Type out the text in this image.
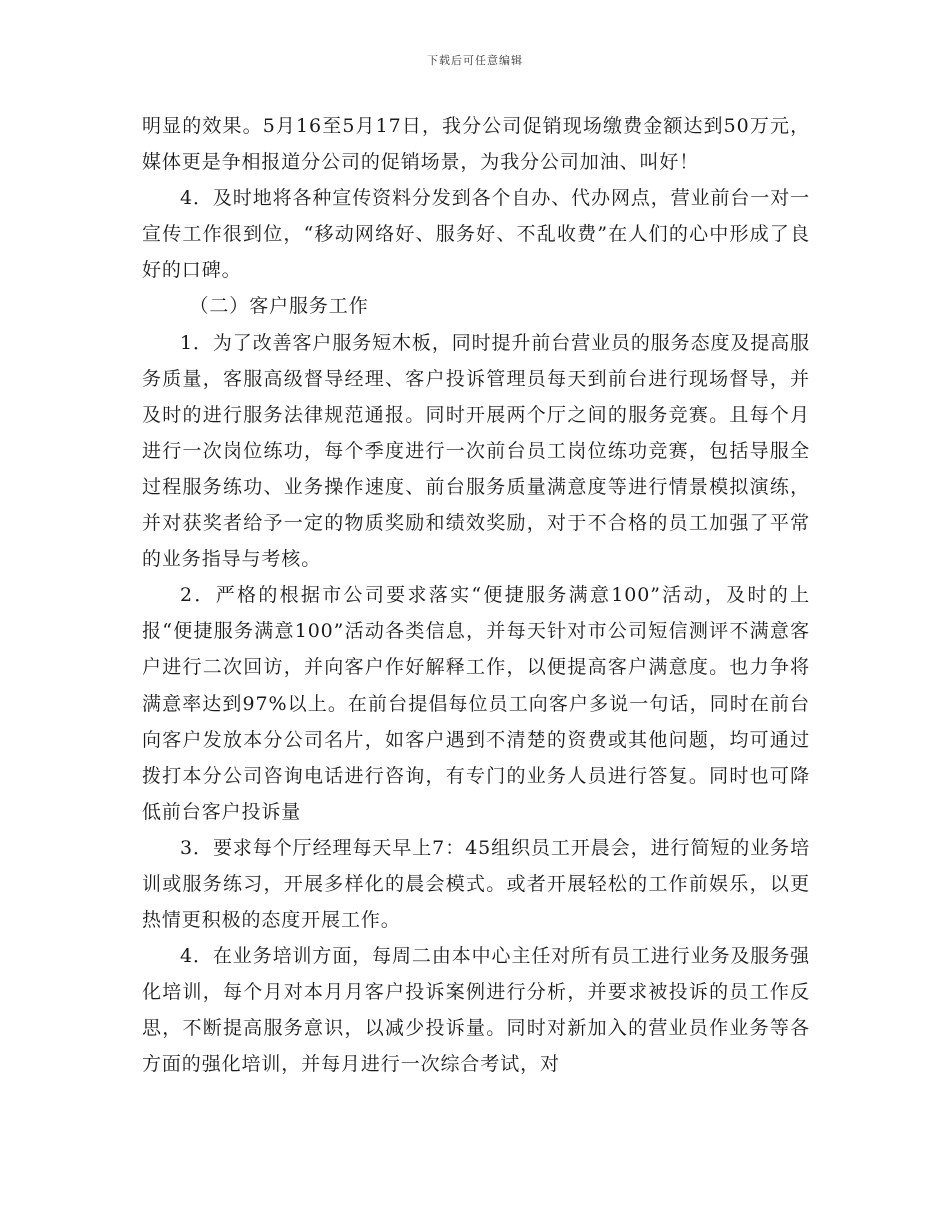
下载后可任意编辑

明显的效果。5月16至5月17日，我分公司促销现场缴费金额达到50万元，媒体更是争相报道分公司的促销场景，为我分公司加油、叫好！

4．及时地将各种宣传资料分发到各个自办、代办网点，营业前台一对一宣传工作很到位，“移动网络好、服务好、不乱收费”在人们的心中形成了良好的口碑。

（二）客户服务工作

1．为了改善客户服务短木板，同时提升前台营业员的服务态度及提高服务质量，客服高级督导经理、客户投诉管理员每天到前台进行现场督导，并及时的进行服务法律规范通报。同时开展两个厅之间的服务竞赛。且每个月进行一次岗位练功，每个季度进行一次前台员工岗位练功竞赛，包括导服全过程服务练功、业务操作速度、前台服务质量满意度等进行情景模拟演练，并对获奖者给予一定的物质奖励和绩效奖励，对于不合格的员工加强了平常的业务指导与考核。

2．严格的根据市公司要求落实“便捷服务满意100”活动，及时的上报“便捷服务满意100”活动各类信息，并每天针对市公司短信测评不满意客户进行二次回访，并向客户作好解释工作，以便提高客户满意度。也力争将满意率达到97%以上。在前台提倡每位员工向客户多说一句话，同时在前台向客户发放本分公司名片，如客户遇到不清楚的资费或其他问题，均可通过拨打本分公司咨询电话进行咨询，有专门的业务人员进行答复。同时也可降低前台客户投诉量

3．要求每个厅经理每天早上7：45组织员工开晨会，进行简短的业务培训或服务练习，开展多样化的晨会模式。或者开展轻松的工作前娱乐，以更热情更积极的态度开展工作。

4．在业务培训方面，每周二由本中心主任对所有员工进行业务及服务强化培训，每个月对本月月客户投诉案例进行分析，并要求被投诉的员工作反思，不断提高服务意识，以减少投诉量。同时对新加入的营业员作业务等各方面的强化培训，并每月进行一次综合考试，对
